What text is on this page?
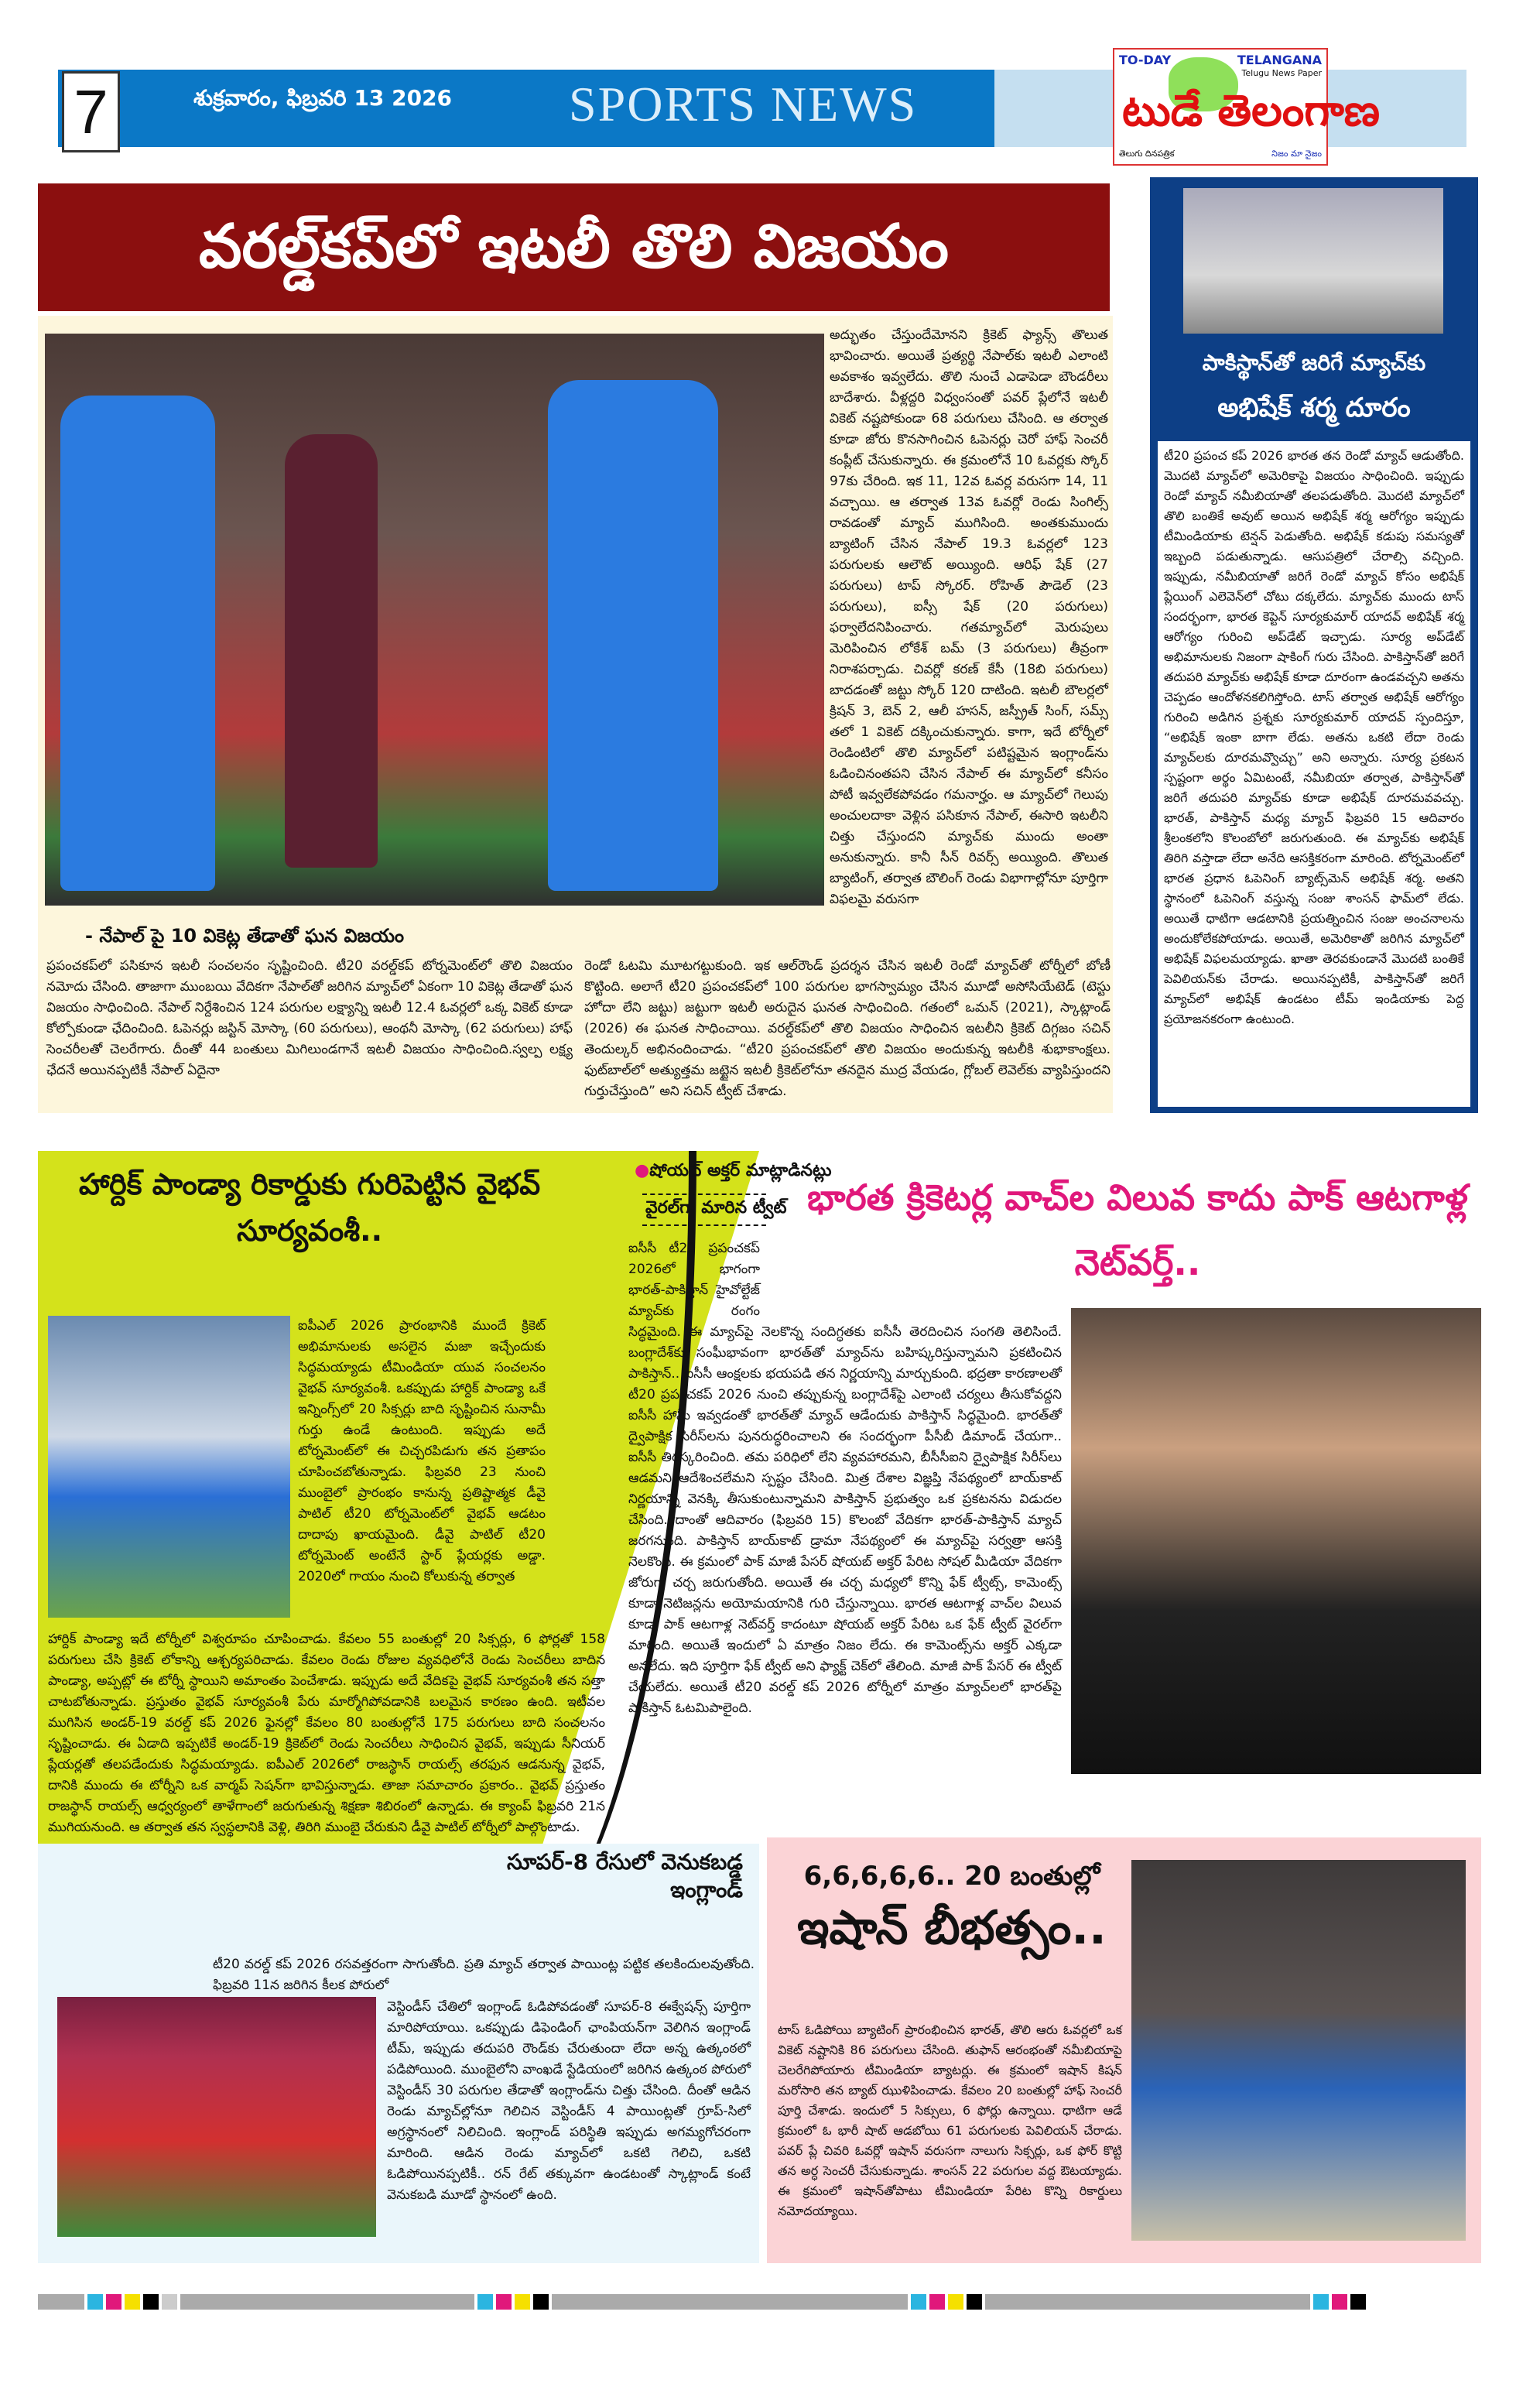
7	శుక్రవారం, ఫిబ్రవరి 13 2026 SPORTS NEWS
TO-DAY	TELANGANA
Telugu News Paper
టుడే తెలంగాణ
తెలుగు దినపత్రిక	నిజం మా నైజం
వరల్డ్‌కప్‌లో ఇటలీ తొలి విజయం
అద్భుతం చేస్తుందేమోనని క్రికెట్ ఫ్యాన్స్ తొలుత భావించారు. అయితే ప్రత్యర్థి నేపాల్‌కు ఇటలీ ఎలాంటి అవకాశం ఇవ్వలేదు. తొలి నుంచే ఎడాపెడా బౌండరీలు బాదేశారు. వీళ్లద్దరి విధ్వంసంతో పవర్ ప్లేలోనే ఇటలీ వికెట్ నష్టపోకుండా 68 పరుగులు చేసింది. ఆ తర్వాత కూడా జోరు కొనసాగించిన ఓపెనర్లు చెరో హాఫ్ సెంచరీ కంప్లీట్ చేసుకున్నారు. ఈ క్రమంలోనే 10 ఓవర్లకు స్కోర్ 97కు చేరింది. ఇక 11, 12వ ఓవర్ల వరుసగా 14, 11 వచ్చాయి. ఆ తర్వాత 13వ ఓవర్లో రెండు సింగిల్స్ రావడంతో మ్యాచ్ ముగిసింది. అంతకుముందు బ్యాటింగ్ చేసిన నేపాల్ 19.3 ఓవర్లలో 123 పరుగులకు ఆలౌట్ అయ్యింది. ఆరిఫ్ షేక్ (27 పరుగులు) టాప్ స్కోరర్. రోహిత్ పౌడెల్ (23 పరుగులు), ఐస్సీ షేక్ (20 పరుగులు) ఫర్వాలేదనిపించారు. గతమ్యాచ్‌లో మెరుపులు మెరిపించిన లోకేశ్ బమ్ (3 పరుగులు) తీవ్రంగా నిరాశపర్చాడు. చివర్లో కరణ్ కేసీ (18బి పరుగులు) బాదడంతో జట్టు స్కోర్ 120 దాటింది. ఇటలీ బౌలర్లలో క్రిషన్ 3, బెన్ 2, ఆలీ హసన్, జస్ప్రీత్ సింగ్, సమ్స్ తలో 1 వికెట్ దక్కించుకున్నారు. కాగా, ఇదే టోర్నీలో రెండింటిలో తొలి మ్యాచ్‌లో పటిష్టమైన ఇంగ్లాండ్‌ను ఓడించినంతపని చేసిన నేపాల్ ఈ మ్యాచ్‌లో కనీసం పోటీ ఇవ్వలేకపోవడం గమనార్హం. ఆ మ్యాచ్‌లో గెలుపు అంచులదాకా వెళ్లిన పసికూన నేపాల్, ఈసారి ఇటలీని చిత్తు చేస్తుందని మ్యాచ్‌కు ముందు అంతా అనుకున్నారు. కానీ సీన్ రివర్స్ అయ్యింది. తొలుత బ్యాటింగ్, తర్వాత బౌలింగ్ రెండు విభాగాల్లోనూ పూర్తిగా విఫలమై వరుసగా
- నేపాల్ పై 10 వికెట్ల తేడాతో ఘన విజయం
ప్రపంచకప్‌లో పసికూన ఇటలీ సంచలనం సృష్టించింది. టీ20 వరల్డ్‌కప్ టోర్నమెంట్‌లో తొలి విజయం నమోదు చేసింది. తాజాగా ముంబయి వేదికగా నేపాల్‌తో జరిగిన మ్యాచ్‌లో ఏకంగా 10 వికెట్ల తేడాతో ఘన విజయం సాధించింది. నేపాల్ నిర్దేశించిన 124 పరుగుల లక్ష్యాన్ని ఇటలీ 12.4 ఓవర్లలో ఒక్క వికెట్ కూడా కోల్పోకుండా ఛేదించింది. ఓపెనర్లు జస్టిన్ మోస్కా (60 పరుగులు), ఆంథనీ మోస్కా (62 పరుగులు) హాఫ్ సెంచరీలతో చెలరేగారు. దీంతో 44 బంతులు మిగిలుండగానే ఇటలీ విజయం సాధించింది.స్వల్ప లక్ష్య ఛేదనే అయినప్పటికీ నేపాల్ ఏదైనా
రెండో ఓటమి మూటగట్టుకుంది. ఇక ఆల్‌రౌండ్ ప్రదర్శన చేసిన ఇటలీ రెండో మ్యాచ్‌తో టోర్నీలో బోణీ కొట్టింది. అలాగే టీ20 ప్రపంచకప్‌లో 100 పరుగుల భాగస్వామ్యం చేసిన మూడో అసోసియేటెడ్ (టెస్టు హోదా లేని జట్టు) జట్టుగా ఇటలీ అరుదైన ఘనత సాధించింది. గతంలో ఒమన్ (2021), స్కాట్లాండ్ (2026) ఈ ఘనత సాధించాయి. వరల్డ్‌కప్‌లో తొలి విజయం సాధించిన ఇటలీని క్రికెట్ దిగ్గజం సచిన్ తెందుల్కర్ అభినందించాడు. “టీ20 ప్రపంచకప్‌లో తొలి విజయం అందుకున్న ఇటలీకి శుభాకాంక్షలు. ఫుట్‌బాల్‌లో అత్యుత్తమ జట్టైన ఇటలీ క్రికెట్‌లోనూ తనదైన ముద్ర వేయడం, గ్లోబల్ లెవెల్‌కు వ్యాపిస్తుందని గుర్తుచేస్తుంది” అని సచిన్ ట్వీట్ చేశాడు.
పాకిస్థాన్‌తో జరిగే మ్యాచ్‌కు
అభిషేక్ శర్మ దూరం
టీ20 ప్రపంచ కప్ 2026 భారత తన రెండో మ్యాచ్ ఆడుతోంది. మొదటి మ్యాచ్‌లో అమెరికాపై విజయం సాధించింది. ఇప్పుడు రెండో మ్యాచ్ నమీబియాతో తలపడుతోంది. మొదటి మ్యాచ్‌లో తొలి బంతికే అవుట్ అయిన అభిషేక్ శర్మ ఆరోగ్యం ఇప్పుడు టీమిండియాకు టెన్షన్ పెడుతోంది. అభిషేక్ కడుపు సమస్యతో ఇబ్బంది పడుతున్నాడు. ఆసుపత్రిలో చేరాల్సి వచ్చింది. ఇప్పుడు, నమీబియాతో జరిగే రెండో మ్యాచ్ కోసం అభిషేక్ ప్లేయింగ్ ఎలెవెన్‌లో చోటు దక్కలేదు. మ్యాచ్‌కు ముందు టాస్ సందర్భంగా, భారత కెప్టెన్ సూర్యకుమార్ యాదవ్ అభిషేక్ శర్మ ఆరోగ్యం గురించి అప్‌డేట్ ఇచ్చాడు. సూర్య అప్‌డేట్ అభిమానులకు నిజంగా షాకింగ్ గురు చేసింది. పాకిస్తాన్‌తో జరిగే తదుపరి మ్యాచ్‌కు అభిషేక్ కూడా దూరంగా ఉండవచ్చని అతను చెప్పడం ఆందోళనకలిగిస్తోంది. టాస్ తర్వాత అభిషేక్ ఆరోగ్యం గురించి అడిగిన ప్రశ్నకు సూర్యకుమార్ యాదవ్ స్పందిస్తూ, “అభిషేక్ ఇంకా బాగా లేడు. అతను ఒకటి లేదా రెండు మ్యాచ్‌లకు దూరమవ్వొచ్చు” అని అన్నారు. సూర్య ప్రకటన స్పష్టంగా అర్థం ఏమిటంటే, నమీబియా తర్వాత, పాకిస్తాన్‌తో జరిగే తదుపరి మ్యాచ్‌కు కూడా అభిషేక్ దూరమవవచ్చు. భారత్, పాకిస్తాన్ మధ్య మ్యాచ్ ఫిబ్రవరి 15 ఆదివారం శ్రీలంకలోని కొలంబోలో జరుగుతుంది. ఈ మ్యాచ్‌కు అభిషేక్ తిరిగి వస్తాడా లేదా అనేది ఆసక్తికరంగా మారింది. టోర్నమెంట్‌లో భారత ప్రధాన ఓపెనింగ్ బ్యాట్స్‌మెన్ అభిషేక్ శర్మ. అతని స్థానంలో ఓపెనింగ్ వస్తున్న సంజు శాంసన్ ఫామ్‌లో లేడు. అయితే ధాటిగా ఆడటానికి ప్రయత్నించిన సంజు అంచనాలను అందుకోలేకపోయాడు. అయితే, అమెరికాతో జరిగిన మ్యాచ్‌లో అభిషేక్ విఫలమయ్యాడు. ఖాతా తెరవకుండానే మొదటి బంతికే పెవిలియన్‌కు చేరాడు. అయినప్పటికీ, పాకిస్తాన్‌తో జరిగే మ్యాచ్‌లో అభిషేక్ ఉండటం టీమ్ ఇండియాకు పెద్ద ప్రయోజనకరంగా ఉంటుంది.
హార్దిక్ పాండ్యా రికార్డుకు గురిపెట్టిన వైభవ్ సూర్యవంశీ..
ఐపీఎల్ 2026 ప్రారంభానికి ముందే క్రికెట్ అభిమానులకు అసలైన మజా ఇచ్చేందుకు సిద్ధమయ్యాడు టీమిండియా యువ సంచలనం వైభవ్ సూర్యవంశీ. ఒకప్పుడు హార్దిక్ పాండ్యా ఒకే ఇన్నింగ్స్‌లో 20 సిక్సర్లు బాది సృష్టించిన సునామీ గుర్తు ఉండే ఉంటుంది. ఇప్పుడు అదే టోర్నమెంట్‌లో ఈ చిచ్చరపిడుగు తన ప్రతాపం చూపించబోతున్నాడు. ఫిబ్రవరి 23 నుంచి ముంబైలో ప్రారంభం కానున్న ప్రతిష్టాత్మక డీవై పాటిల్ టీ20 టోర్నమెంట్‌లో వైభవ్ ఆడటం దాదాపు ఖాయమైంది. డీవై పాటిల్ టీ20 టోర్నమెంట్ అంటేనే స్టార్ ప్లేయర్లకు అడ్డా. 2020లో గాయం నుంచి కోలుకున్న తర్వాత
హార్దిక్ పాండ్యా ఇదే టోర్నీలో విశ్వరూపం చూపించాడు. కేవలం 55 బంతుల్లో 20 సిక్సర్లు, 6 ఫోర్లతో 158 పరుగులు చేసి క్రికెట్ లోకాన్ని ఆశ్చర్యపరిచాడు. కేవలం రెండు రోజుల వ్యవధిలోనే రెండు సెంచరీలు బాదిన పాండ్యా, అప్పట్లో ఈ టోర్నీ స్థాయిని అమాంతం పెంచేశాడు. ఇప్పుడు అదే వేదికపై వైభవ్ సూర్యవంశీ తన సత్తా చాటబోతున్నాడు. ప్రస్తుతం వైభవ్ సూర్యవంశీ పేరు మార్మోగిపోవడానికి బలమైన కారణం ఉంది. ఇటీవల ముగిసిన అండర్-19 వరల్డ్ కప్ 2026 ఫైనల్లో కేవలం 80 బంతుల్లోనే 175 పరుగులు బాది సంచలనం సృష్టించాడు. ఈ ఏడాది ఇప్పటికే అండర్-19 క్రికెట్‌లో రెండు సెంచరీలు సాధించిన వైభవ్, ఇప్పుడు సీనియర్ ప్లేయర్లతో తలపడేందుకు సిద్ధమయ్యాడు. ఐపీఎల్ 2026లో రాజస్థాన్ రాయల్స్ తరఫున ఆడనున్న వైభవ్, దానికి ముందు ఈ టోర్నీని ఒక వార్మప్ సెషన్‌గా భావిస్తున్నాడు. తాజా సమాచారం ప్రకారం.. వైభవ్ ప్రస్తుతం రాజస్థాన్ రాయల్స్ ఆధ్వర్యంలో తాళేగాంలో జరుగుతున్న శిక్షణా శిబిరంలో ఉన్నాడు. ఈ క్యాంప్ ఫిబ్రవరి 21న ముగియనుంది. ఆ తర్వాత తన స్వస్థలానికి వెళ్లి, తిరిగి ముంబై చేరుకుని డీవై పాటిల్ టోర్నీలో పాల్గొంటాడు.
సూపర్-8 రేసులో వెనుకబడ్డ ఇంగ్లాండ్
టీ20 వరల్డ్ కప్ 2026 రసవత్తరంగా సాగుతోంది. ప్రతి మ్యాచ్ తర్వాత పాయింట్ల పట్టిక తలకిందులవుతోంది. ఫిబ్రవరి 11న జరిగిన కీలక పోరులో
వెస్టిండీస్ చేతిలో ఇంగ్లాండ్ ఓడిపోవడంతో సూపర్-8 ఈక్వేషన్స్ పూర్తిగా మారిపోయాయి. ఒకప్పుడు డిఫెండింగ్ ఛాంపియన్‌గా వెలిగిన ఇంగ్లాండ్ టీమ్, ఇప్పుడు తదుపరి రౌండ్‌కు చేరుతుందా లేదా అన్న ఉత్కంఠలో పడిపోయింది. ముంబైలోని వాంఖడే స్టేడియంలో జరిగిన ఉత్కంఠ పోరులో వెస్టిండీస్ 30 పరుగుల తేడాతో ఇంగ్లాండ్‌ను చిత్తు చేసింది. దీంతో ఆడిన రెండు మ్యాచ్‌ల్లోనూ గెలిచిన వెస్టిండీస్ 4 పాయింట్లతో గ్రూప్-సిలో అగ్రస్థానంలో నిలిచింది. ఇంగ్లాండ్ పరిస్థితి ఇప్పుడు అగమ్యగోచరంగా మారింది. ఆడిన రెండు మ్యాచ్‌లో ఒకటి గెలిచి, ఒకటి ఓడిపోయినప్పటికీ.. రన్ రేట్ తక్కువగా ఉండటంతో స్కాట్లాండ్ కంటే వెనుకబడి మూడో స్థానంలో ఉంది.
●షోయబ్ అక్తర్ మాట్లాడినట్లు
వైరల్‌గా మారిన ట్వీట్
ఐసీసీ టీ20 ప్రపంచకప్ 2026లో భాగంగా భారత్-పాకిస్తాన్ హైవోల్టేజ్ మ్యాచ్‌కు రంగం సిద్ధమైంది. ఈ మ్యాచ్‌పై నెలకొన్న సందిగ్ధతకు ఐసీసీ తెరదించిన సంగతి తెలిసిందే. బంగ్లాదేశ్‌కు సంఘీభావంగా భారత్‌తో మ్యాచ్‌ను బహిష్కరిస్తున్నామని ప్రకటించిన పాకిస్తాన్.. ఐసీసీ ఆంక్షలకు భయపడి తన నిర్ణయాన్ని మార్చుకుంది. భద్రతా కారణాలతో టీ20 ప్రపంచకప్ 2026 నుంచి తప్పుకున్న బంగ్లాదేశ్‌పై ఎలాంటి చర్యలు తీసుకోవద్దని ఐసీసీ హామీ ఇవ్వడంతో భారత్‌తో మ్యాచ్ ఆడేందుకు పాకిస్తాన్ సిద్ధమైంది. భారత్‌తో ద్వైపాక్షిక సిరీస్‌లను పునరుద్ధరించాలని ఈ సందర్భంగా పీసీబీ డిమాండ్ చేయగా.. ఐసీసీ తిరస్కరించింది. తమ పరిధిలో లేని వ్యవహారమని, బీసీసీఐని ద్వైపాక్షిక సిరీస్‌లు ఆడమని ఆదేశించలేమని స్పష్టం చేసింది. మిత్ర దేశాల విజ్ఞప్తి నేపథ్యంలో బాయ్‌కాట్ నిర్ణయాన్ని వెనక్కి తీసుకుంటున్నామని పాకిస్తాన్ ప్రభుత్వం ఒక ప్రకటనను విడుదల చేసింది. దాంతో ఆదివారం (ఫిబ్రవరి 15) కొలంబో వేదికగా భారత్-పాకిస్తాన్ మ్యాచ్ జరగనుంది. పాకిస్తాన్ బాయ్‌కాట్ డ్రామా నేపథ్యంలో ఈ మ్యాచ్‌పై సర్వత్రా ఆసక్తి నెలకొంది. ఈ క్రమంలో పాక్ మాజీ పేసర్ షోయబ్ అక్తర్ పేరిట సోషల్ మీడియా వేదికగా జోరుగా చర్చ జరుగుతోంది. అయితే ఈ చర్చ మధ్యలో కొన్ని ఫేక్ ట్వీట్స్, కామెంట్స్ కూడా నెటిజన్లను అయోమయానికి గురి చేస్తున్నాయి. భారత ఆటగాళ్ల వాచ్‌ల విలువ కూడా పాక్ ఆటగాళ్ల నెట్‌వర్త్ కాదంటూ షోయబ్ అక్తర్ పేరిట ఒక ఫేక్ ట్వీట్ వైరల్‌గా మారింది. అయితే ఇందులో ఏ మాత్రం నిజం లేదు. ఈ కామెంట్స్‌ను అక్తర్ ఎక్కడా అనలేదు. ఇది పూర్తిగా ఫేక్ ట్వీట్ అని ఫ్యాక్ట్ చెక్‌లో తేలింది. మాజీ పాక్ పేసర్ ఈ ట్వీట్ చేయలేదు. అయితే టీ20 వరల్డ్ కప్ 2026 టోర్నీలో మాత్రం మ్యాచ్‌లలో భారత్‌పై పాకిస్తాన్ ఓటమిపాలైంది.
భారత క్రికెటర్ల వాచ్‌ల విలువ కాదు పాక్ ఆటగాళ్ల నెట్‌వర్త్..
6,6,6,6,6.. 20 బంతుల్లో
ఇషాన్ బీభత్సం..
టాస్ ఓడిపోయి బ్యాటింగ్ ప్రారంభించిన భారత్, తొలి ఆరు ఓవర్లలో ఒక వికెట్ నష్టానికి 86 పరుగులు చేసింది. తుఫాన్ ఆరంభంతో నమీబియాపై చెలరేగిపోయారు టీమిండియా బ్యాటర్లు. ఈ క్రమంలో ఇషాన్ కిషన్ మరోసారి తన బ్యాట్ ఝుళిపించాడు. కేవలం 20 బంతుల్లో హాఫ్ సెంచరీ పూర్తి చేశాడు. ఇందులో 5 సిక్సులు, 6 ఫోర్లు ఉన్నాయి. ధాటిగా ఆడే క్రమంలో ఓ భారీ షాట్ ఆడబోయి 61 పరుగులకు పెవిలియన్ చేరాడు. పవర్ ప్లే చివరి ఓవర్లో ఇషాన్ వరుసగా నాలుగు సిక్సర్లు, ఒక ఫోర్ కొట్టి తన అర్ధ సెంచరీ చేసుకున్నాడు. శాంసన్ 22 పరుగుల వద్ద ఔటయ్యాడు. ఈ క్రమంలో ఇషాన్‌తోపాటు టీమిండియా పేరిట కొన్ని రికార్డులు నమోదయ్యాయి.
